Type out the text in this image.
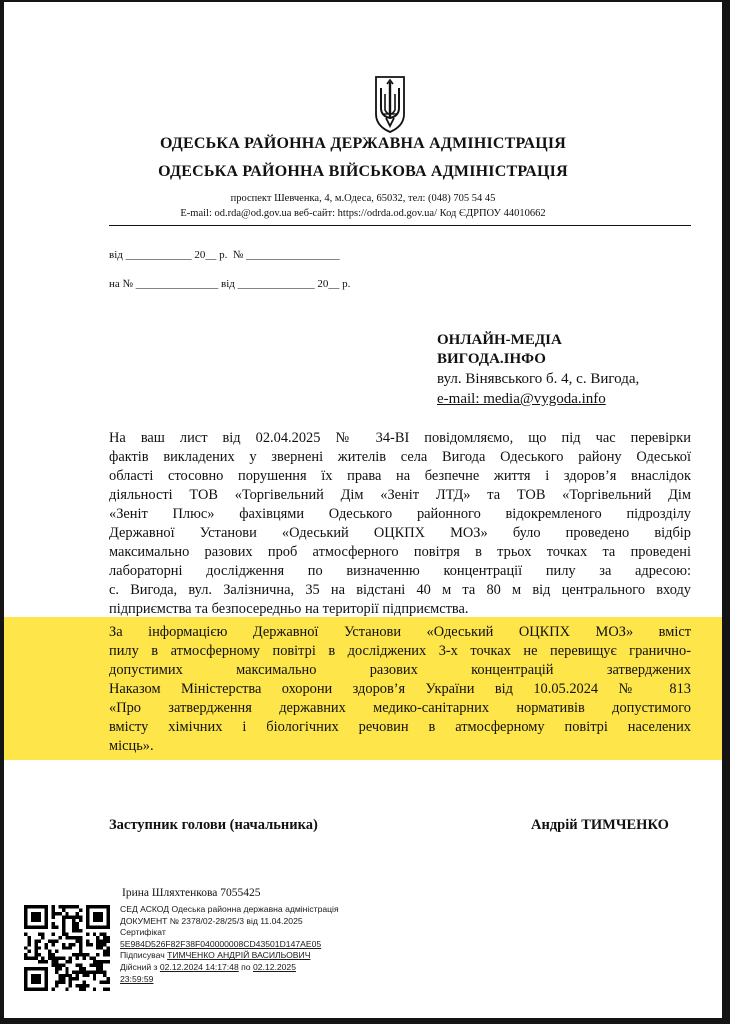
ОДЕСЬКА РАЙОННА ДЕРЖАВНА АДМІНІСТРАЦІЯ
ОДЕСЬКА РАЙОННА ВІЙСЬКОВА АДМІНІСТРАЦІЯ
проспект Шевченка, 4, м.Одеса, 65032, тел: (048) 705 54 45
E-mail: od.rda@od.gov.ua веб-сайт: https://odrda.od.gov.ua/ Код ЄДРПОУ 44010662
від ____________ 20__ р.  № _________________
на № _______________ від ______________ 20__ р.
ОНЛАЙН-МЕДІА
ВИГОДА.ІНФО
вул. Вінявського б. 4, с. Вигода,
e-mail: media@vygoda.info
На ваш лист від 02.04.2025 № 34-ВІ повідомляємо, що під час перевірки
фактів викладених у звернені жителів села Вигода Одеського району Одеської
області стосовно порушення їх права на безпечне життя і здоров’я внаслідок
діяльності ТОВ «Торгівельний Дім «Зеніт ЛТД» та ТОВ «Торгівельний Дім
«Зеніт Плюс» фахівцями Одеського районного відокремленого підрозділу
Державної Установи «Одеський ОЦКПХ МОЗ» було проведено відбір
максимально разових проб атмосферного повітря в трьох точках та проведені
лабораторні дослідження по визначенню концентрації пилу за адресою:
с. Вигода, вул. Залізнична, 35 на відстані 40 м та 80 м від центрального входу
підприємства та безпосередньо на території підприємства.
За інформацією Державної Установи «Одеський ОЦКПХ МОЗ» вміст
пилу в атмосферному повітрі в досліджених 3-х точках не перевищує гранично-
допустимих максимально разових концентрацій затверджених
Наказом Міністерства охорони здоров’я України від 10.05.2024 № 813
«Про затвердження державних медико-санітарних нормативів допустимого
вмісту хімічних і біологічних речовин в атмосферному повітрі населених
місць».
Заступник голови (начальника)	Андрій ТИМЧЕНКО
Ірина Шляхтенкова 7055425
СЕД АСКОД Одеська районна державна адміністрація
ДОКУМЕНТ № 2378/02-28/25/3 від 11.04.2025
Сертифікат
5E984D526F82F38F040000008CD43501D147AE05
Підписувач ТИМЧЕНКО АНДРІЙ ВАСИЛЬОВИЧ
Дійсний з 02.12.2024 14:17:48 по 02.12.2025
23:59:59
